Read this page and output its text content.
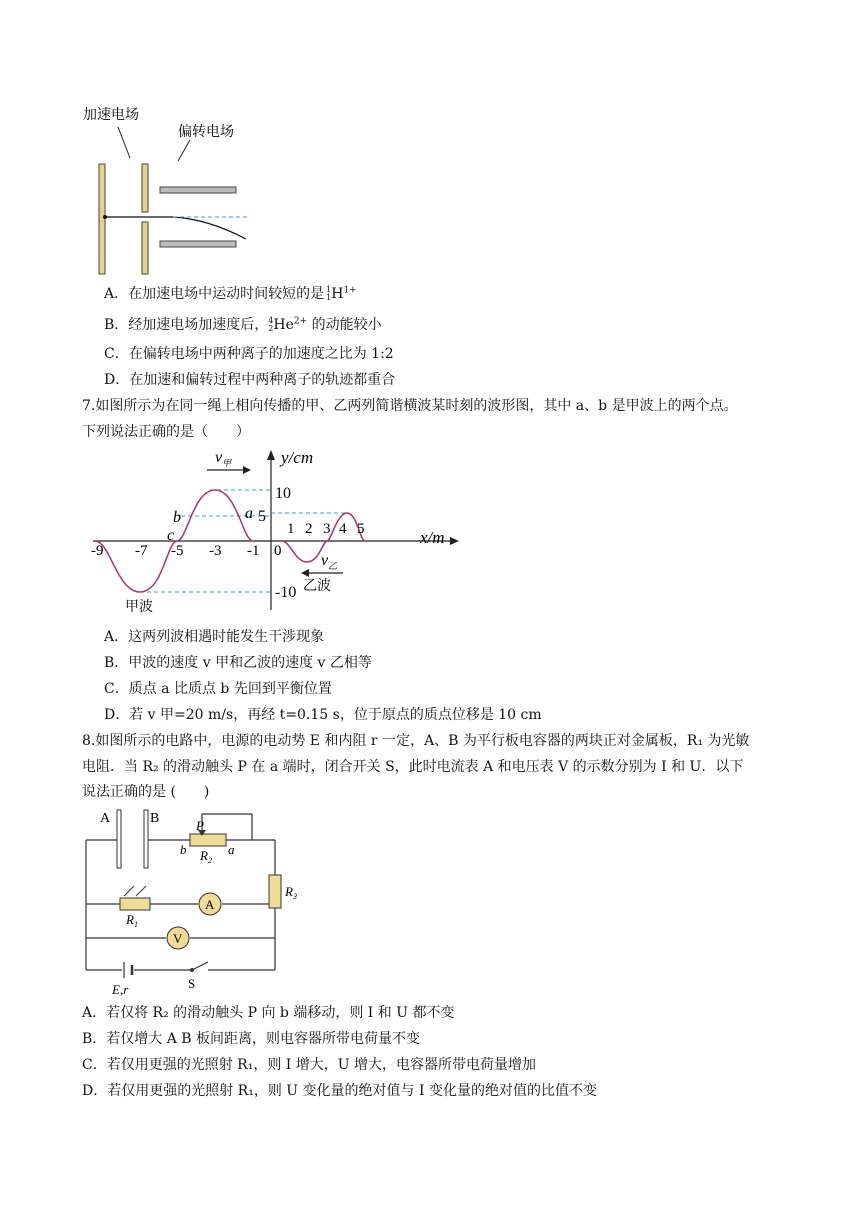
加速电场
偏转电场
A．在加速电场中运动时间较短的是 1
$1H^{1+}$
B．经加速电场加速度后，4
$2He^{2+}$ 的动能较小
C．在偏转电场中两种离子的加速度之比为 1:2
D．在加速和偏转过程中两种离子的轨迹都重合
7.如图所示为在同一绳上相向传播的甲、乙两列简谐横波某时刻的波形图，其中 a、b 是甲波上的两个点。
下列说法正确的是（　　）
y/cm
x/m
10
5
-10
-9 -7 -5 -3 -1 0
1 2 3 4 5
b	a
c
$v_甲$
$v_乙$
甲波
乙波
A．这两列波相遇时能发生干涉现象
B．甲波的速度 v 甲和乙波的速度 v 乙相等
C．质点 a 比质点 b 先回到平衡位置
D．若 v 甲=20 m/s，再经 t=0.15 s，位于原点的质点位移是 10 cm
8.如图所示的电路中，电源的电动势 E 和内阻 r 一定，A、B 为平行板电容器的两块正对金属板，R₁ 为光敏
电阻．当 R₂ 的滑动触头 P 在 a 端时，闭合开关 S，此时电流表 A 和电压表 V 的示数分别为 I 和 U．以下
说法正确的是 (　　)
A	B	P
b	a
$R_2$
$R_1$
A
V
$R_3$
E,r	S
A．若仅将 R₂ 的滑动触头 P 向 b 端移动，则 I 和 U 都不变
B．若仅增大 A B 板间距离，则电容器所带电荷量不变
C．若仅用更强的光照射 R₁，则 I 增大，U 增大，电容器所带电荷量增加
D．若仅用更强的光照射 R₁，则 U 变化量的绝对值与 I 变化量的绝对值的比值不变
